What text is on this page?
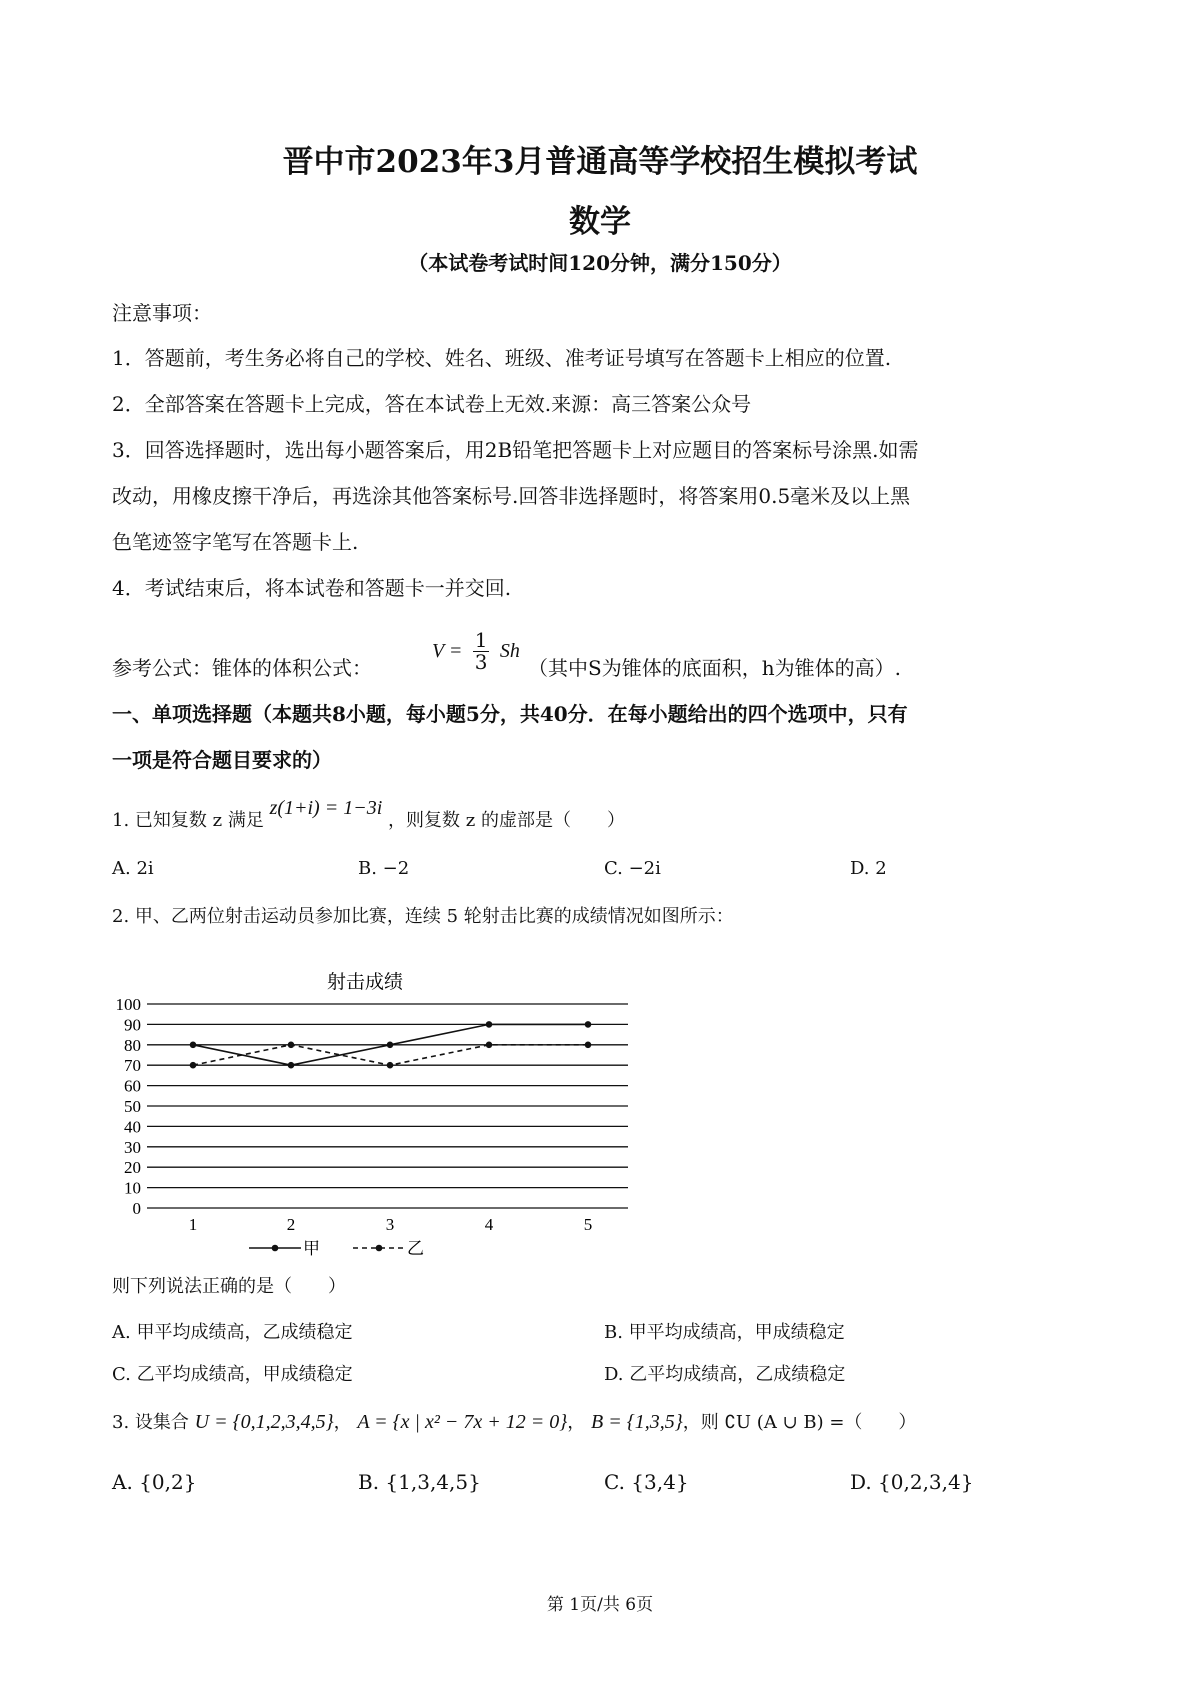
晋中市2023年3月普通高等学校招生模拟考试
数学
（本试卷考试时间120分钟，满分150分）
注意事项：
1．答题前，考生务必将自己的学校、姓名、班级、准考证号填写在答题卡上相应的位置.
2．全部答案在答题卡上完成，答在本试卷上无效.来源：高三答案公众号
3．回答选择题时，选出每小题答案后，用2B铅笔把答题卡上对应题目的答案标号涂黑.如需
改动，用橡皮擦干净后，再选涂其他答案标号.回答非选择题时，将答案用0.5毫米及以上黑
色笔迹签字笔写在答题卡上.
4．考试结束后，将本试卷和答题卡一并交回.
参考公式：锥体的体积公式：
$V = \frac{1}{3}$ Sh
（其中S为锥体的底面积，h为锥体的高）.
一、单项选择题（本题共8小题，每小题5分，共40分．在每小题给出的四个选项中，只有
一项是符合题目要求的）
1. 已知复数 z 满足 z(1+i) = 1−3i ，则复数 z 的虚部是（　　）
A. 2i	B. −2	C. −2i	D. 2
2. 甲、乙两位射击运动员参加比赛，连续 5 轮射击比赛的成绩情况如图所示：
射击成绩
0
10
20
30
40
50
60
70
80
90
100
1	2	3	4	5
甲	乙
则下列说法正确的是（　　）
A. 甲平均成绩高，乙成绩稳定	B. 甲平均成绩高，甲成绩稳定
C. 乙平均成绩高，甲成绩稳定	D. 乙平均成绩高，乙成绩稳定
3. 设集合 U = {0,1,2,3,4,5}， A = {x | x² − 7x + 12 = 0}， B = {1,3,5}，则 ∁U (A ∪ B) =（　　）
A. {0,2}	B. {1,3,4,5}	C. {3,4}	D. {0,2,3,4}
第 1页/共 6页
